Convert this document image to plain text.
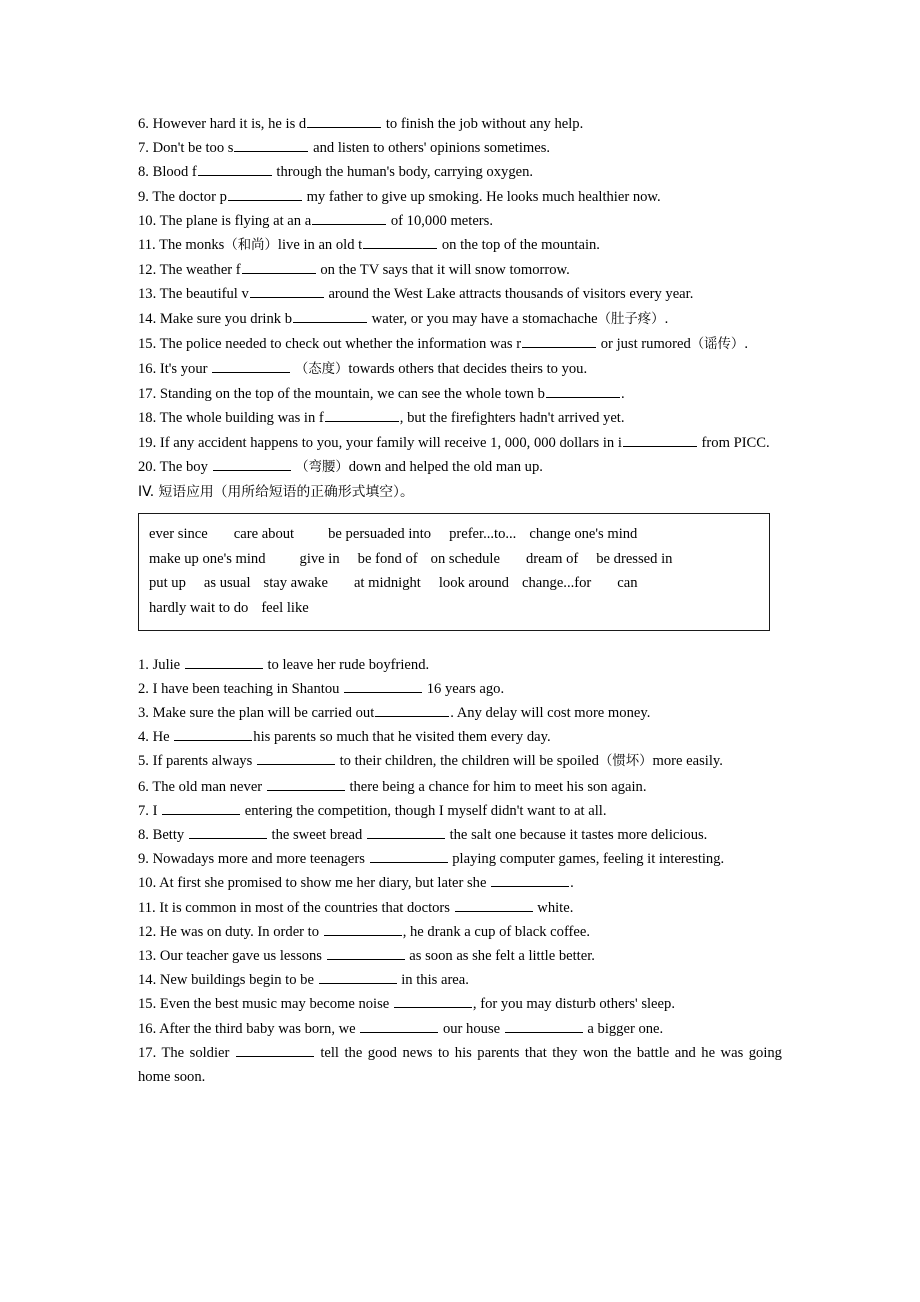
6. However hard it is, he is d	to finish the job without any help.
7. Don't be too s	and listen to others' opinions sometimes.
8. Blood f	through the human's body, carrying oxygen.
9. The doctor p	my father to give up smoking. He looks much healthier now.
10. The plane is flying at an a	of 10,000 meters.
11. The monks（和尚）live in an old t	on the top of the mountain.
12. The weather f	on the TV says that it will snow tomorrow.
13. The beautiful v	around the West Lake attracts thousands of visitors every year.
14. Make sure you drink b	water, or you may have a stomachache（肚子疼）.
15. The police needed to check out whether the information was r	or just rumored（谣传）.
16. It's your	（态度）towards others that decides theirs to you.
17. Standing on the top of the mountain, we can see the whole town b	.
18. The whole building was in f	, but the firefighters hadn't arrived yet.
19. If any accident happens to you, your family will receive 1, 000, 000 dollars in i	from PICC.
20. The boy	（弯腰）down and helped the old man up.
IV. 短语应用（用所给短语的正确形式填空）。
ever since care about be persuaded into prefer...to... change one's mind
make up one's mind give in be fond of on schedule dream of be dressed in
put up as usual stay awake at midnight look around change...for can
hardly wait to do feel like
1. Julie	to leave her rude boyfriend.
2. I have been teaching in Shantou	16 years ago.
3. Make sure the plan will be carried out	. Any delay will cost more money.
4. He	his parents so much that he visited them every day.
5. If parents always	to their children, the children will be spoiled（惯坏）more easily.
6. The old man never	there being a chance for him to meet his son again.
7. I	entering the competition, though I myself didn't want to at all.
8. Betty	the sweet bread	the salt one because it tastes more delicious.
9. Nowadays more and more teenagers	playing computer games, feeling it interesting.
10. At first she promised to show me her diary, but later she	.
11. It is common in most of the countries that doctors	white.
12. He was on duty. In order to	, he drank a cup of black coffee.
13. Our teacher gave us lessons	as soon as she felt a little better.
14. New buildings begin to be	in this area.
15. Even the best music may become noise	, for you may disturb others' sleep.
16. After the third baby was born, we	our house	a bigger one.
17. The soldier	tell the good news to his parents that they won the battle and he was going home soon.
